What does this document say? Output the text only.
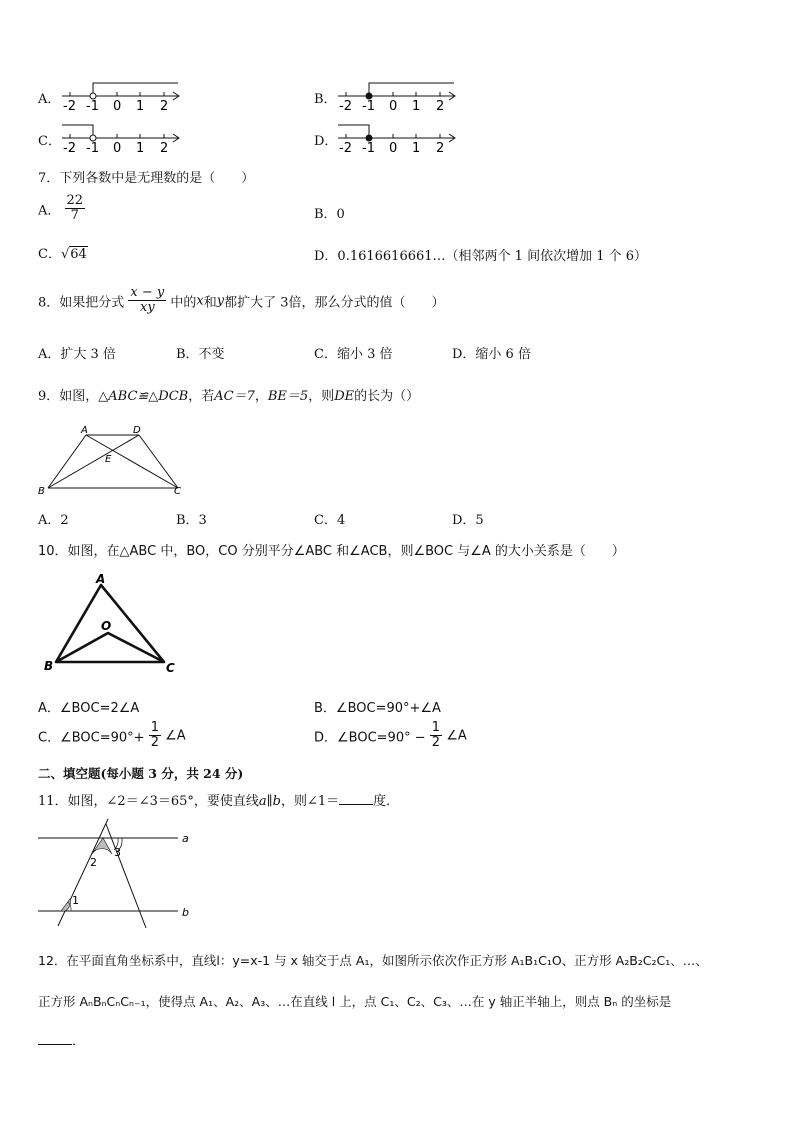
A． -2 -1 0 1 2	B． -2 -1 0 1 2
C． -2 -1 0 1 2	D． -2 -1 0 1 2
7．下列各数中是无理数的是（　　）
A． $\frac{22}{7}$	B．0
C．√64	D．0.1616616661…（相邻两个 1 间依次增加 1 个 6）
8．如果把分式 $\frac{x - y}{xy}$ 中的x和y都扩大了 3倍，那么分式的值（　　）
A．扩大 3 倍	B．不变	C．缩小 3 倍	D．缩小 6 倍
9．如图，△ABC≌△DCB，若AC＝7，BE＝5，则DE的长为（）
A	D
E
B	C
A．2	B．3	C．4	D．5
10．如图，在△ABC 中，BO，CO 分别平分∠ABC 和∠ACB，则∠BOC 与∠A 的大小关系是（　　）
A
O
B	C
A．∠BOC=2∠A	B．∠BOC=90°+∠A
C．∠BOC=90°+ $\frac{1}{2}$ ∠A	D．∠BOC=90° − $\frac{1}{2}$ ∠A
二、填空题(每小题 3 分，共 24 分)
11．如图，∠2＝∠3＝65°，要使直线a∥b，则∠1＝	度．
a
b
2
3
1
12．在平面直角坐标系中，直线l：y=x-1 与 x 轴交于点 A₁，如图所示依次作正方形 A₁B₁C₁O、正方形 A₂B₂C₂C₁、…、
正方形 AₙBₙCₙCₙ₋₁，使得点 A₁、A₂、A₃、…在直线 l 上，点 C₁、C₂、C₃、…在 y 轴正半轴上，则点 Bₙ 的坐标是
．
